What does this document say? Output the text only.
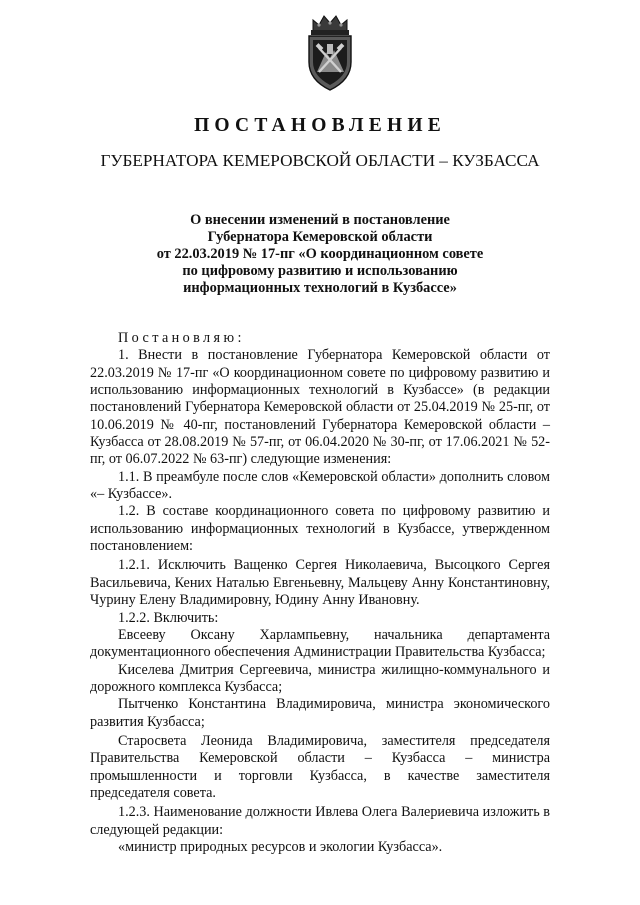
ПОСТАНОВЛЕНИЕ
ГУБЕРНАТОРА КЕМЕРОВСКОЙ ОБЛАСТИ – КУЗБАССА
О внесении изменений в постановление
Губернатора Кемеровской области
от 22.03.2019 № 17-пг «О координационном совете
по цифровому развитию и использованию
информационных технологий в Кузбассе»

Постановляю:

1. Внести в постановление Губернатора Кемеровской области от 22.03.2019 № 17-пг «О координационном совете по цифровому развитию и использованию информационных технологий в Кузбассе» (в редакции постановлений Губернатора Кемеровской области от 25.04.2019 № 25-пг, от 10.06.2019 № 40-пг, постановлений Губернатора Кемеровской области – Кузбасса от 28.08.2019 № 57-пг, от 06.04.2020 № 30-пг, от 17.06.2021 № 52-пг, от 06.07.2022 № 63-пг) следующие изменения:

1.1. В преамбуле после слов «Кемеровской области» дополнить словом «– Кузбассе».

1.2. В составе координационного совета по цифровому развитию и использованию информационных технологий в Кузбассе, утвержденном постановлением:

1.2.1. Исключить Ващенко Сергея Николаевича, Высоцкого Сергея Васильевича, Кених Наталью Евгеньевну, Мальцеву Анну Константиновну, Чурину Елену Владимировну, Юдину Анну Ивановну.

1.2.2. Включить:

Евсееву Оксану Харлампьевну, начальника департамента документационного обеспечения Администрации Правительства Кузбасса;

Киселева Дмитрия Сергеевича, министра жилищно-коммунального и дорожного комплекса Кузбасса;

Пытченко Константина Владимировича, министра экономического развития Кузбасса;

Старосвета Леонида Владимировича, заместителя председателя Правительства Кемеровской области – Кузбасса – министра промышленности и торговли Кузбасса, в качестве заместителя председателя совета.

1.2.3. Наименование должности Ивлева Олега Валериевича изложить в следующей редакции:

«министр природных ресурсов и экологии Кузбасса».
